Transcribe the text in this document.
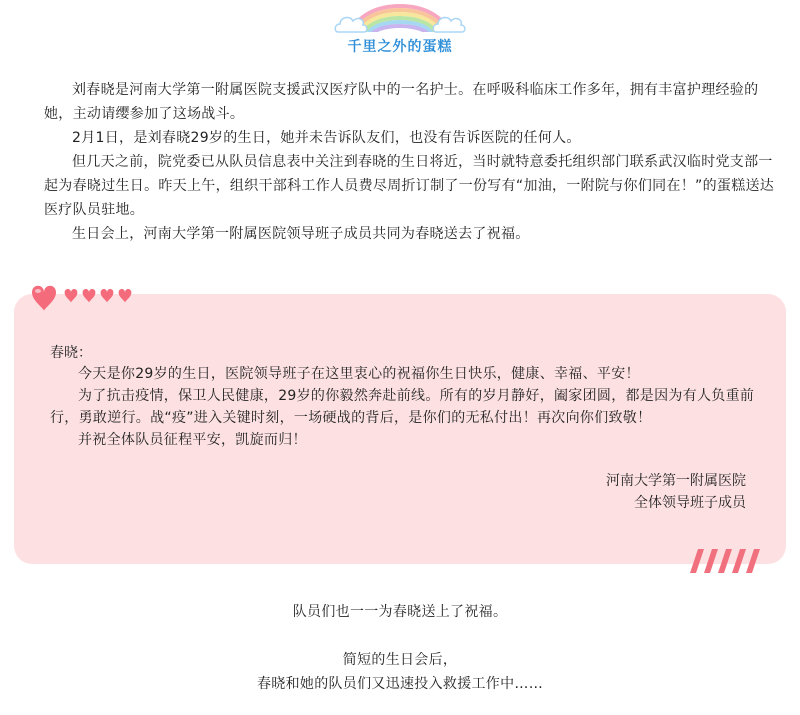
千里之外的蛋糕

刘春晓是河南大学第一附属医院支援武汉医疗队中的一名护士。在呼吸科临床工作多年，拥有丰富护理经验的她，主动请缨参加了这场战斗。

2月1日，是刘春晓29岁的生日，她并未告诉队友们，也没有告诉医院的任何人。

但几天之前，院党委已从队员信息表中关注到春晓的生日将近，当时就特意委托组织部门联系武汉临时党支部一起为春晓过生日。昨天上午，组织干部科工作人员费尽周折订制了一份写有“加油，一附院与你们同在！”的蛋糕送达医疗队员驻地。

生日会上，河南大学第一附属医院领导班子成员共同为春晓送去了祝福。

春晓：

今天是你29岁的生日，医院领导班子在这里衷心的祝福你生日快乐，健康、幸福、平安！

为了抗击疫情，保卫人民健康，29岁的你毅然奔赴前线。所有的岁月静好，阖家团圆，都是因为有人负重前行，勇敢逆行。战“疫”进入关键时刻，一场硬战的背后，是你们的无私付出！再次向你们致敬！

并祝全体队员征程平安，凯旋而归！

河南大学第一附属医院
全体领导班子成员
队员们也一一为春晓送上了祝福。
简短的生日会后，
春晓和她的队员们又迅速投入救援工作中……
